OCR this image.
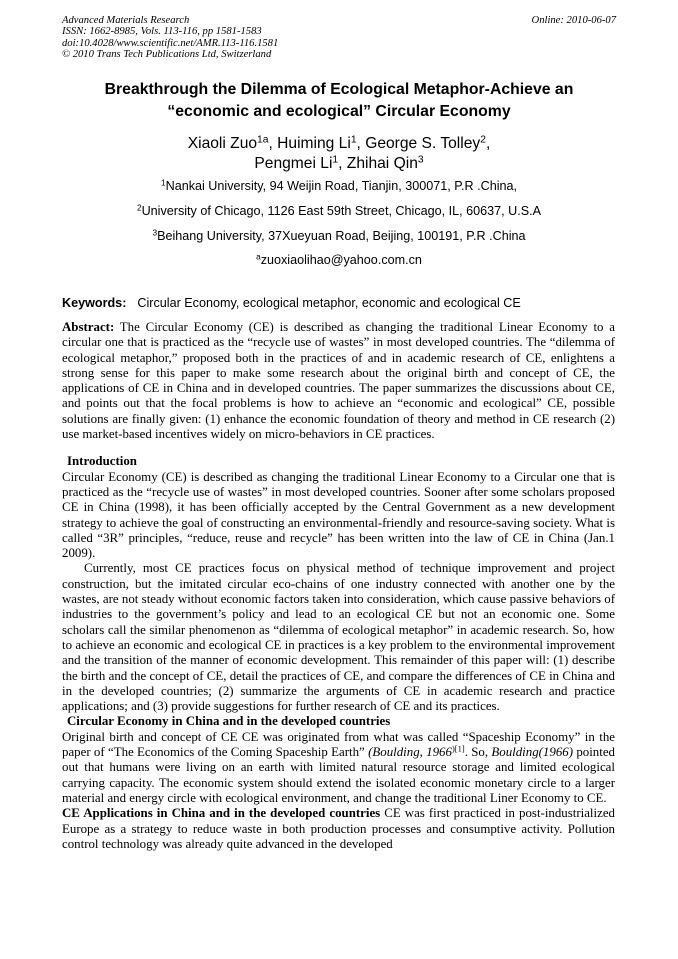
Advanced Materials Research
ISSN: 1662-8985, Vols. 113-116, pp 1581-1583
doi:10.4028/www.scientific.net/AMR.113-116.1581
© 2010 Trans Tech Publications Ltd, Switzerland
Online: 2010-06-07
Breakthrough the Dilemma of Ecological Metaphor-Achieve an
“economic and ecological” Circular Economy
Xiaoli Zuo$^{1a}$, Huiming Li$^1$, George S. Tolley$^2$,
Pengmei Li$^1$, Zhihai Qin$^3$
$^1$Nankai University, 94 Weijin Road, Tianjin, 300071, P.R .China,
$^2$University of Chicago, 1126 East 59th Street, Chicago, IL, 60637, U.S.A
$^3$Beihang University, 37Xueyuan Road, Beijing, 100191, P.R .China
$^a$zuoxiaolihao@yahoo.com.cn
Keywords: Circular Economy, ecological metaphor, economic and ecological CE

Abstract: The Circular Economy (CE) is described as changing the traditional Linear Economy to a circular one that is practiced as the “recycle use of wastes” in most developed countries. The “dilemma of ecological metaphor,” proposed both in the practices of and in academic research of CE, enlightens a strong sense for this paper to make some research about the original birth and concept of CE, the applications of CE in China and in developed countries. The paper summarizes the discussions about CE, and points out that the focal problems is how to achieve an “economic and ecological” CE, possible solutions are finally given: (1) enhance the economic foundation of theory and method in CE research (2) use market-based incentives widely on micro-behaviors in CE practices.

Introduction

Circular Economy (CE) is described as changing the traditional Linear Economy to a Circular one that is practiced as the “recycle use of wastes” in most developed countries. Sooner after some scholars proposed CE in China (1998), it has been officially accepted by the Central Government as a new development strategy to achieve the goal of constructing an environmental-friendly and resource-saving society. What is called “3R” principles, “reduce, reuse and recycle” has been written into the law of CE in China (Jan.1 2009).

Currently, most CE practices focus on physical method of technique improvement and project construction, but the imitated circular eco-chains of one industry connected with another one by the wastes, are not steady without economic factors taken into consideration, which cause passive behaviors of industries to the government’s policy and lead to an ecological CE but not an economic one. Some scholars call the similar phenomenon as “dilemma of ecological metaphor” in academic research. So, how to achieve an economic and ecological CE in practices is a key problem to the environmental improvement and the transition of the manner of economic development. This remainder of this paper will: (1) describe the birth and the concept of CE, detail the practices of CE, and compare the differences of CE in China and in the developed countries; (2) summarize the arguments of CE in academic research and practice applications; and (3) provide suggestions for further research of CE and its practices.

Circular Economy in China and in the developed countries

Original birth and concept of CE CE was originated from what was called “Spaceship Economy” in the paper of “The Economics of the Coming Spaceship Earth” (Boulding, $1966^{)[1]}$. So, Boulding(1966) pointed out that humans were living on an earth with limited natural resource storage and limited ecological carrying capacity. The economic system should extend the isolated economic monetary circle to a larger material and energy circle with ecological environment, and change the traditional Liner Economy to CE.

CE Applications in China and in the developed countries CE was first practiced in post-industrialized Europe as a strategy to reduce waste in both production processes and consumptive activity. Pollution control technology was already quite advanced in the developed
